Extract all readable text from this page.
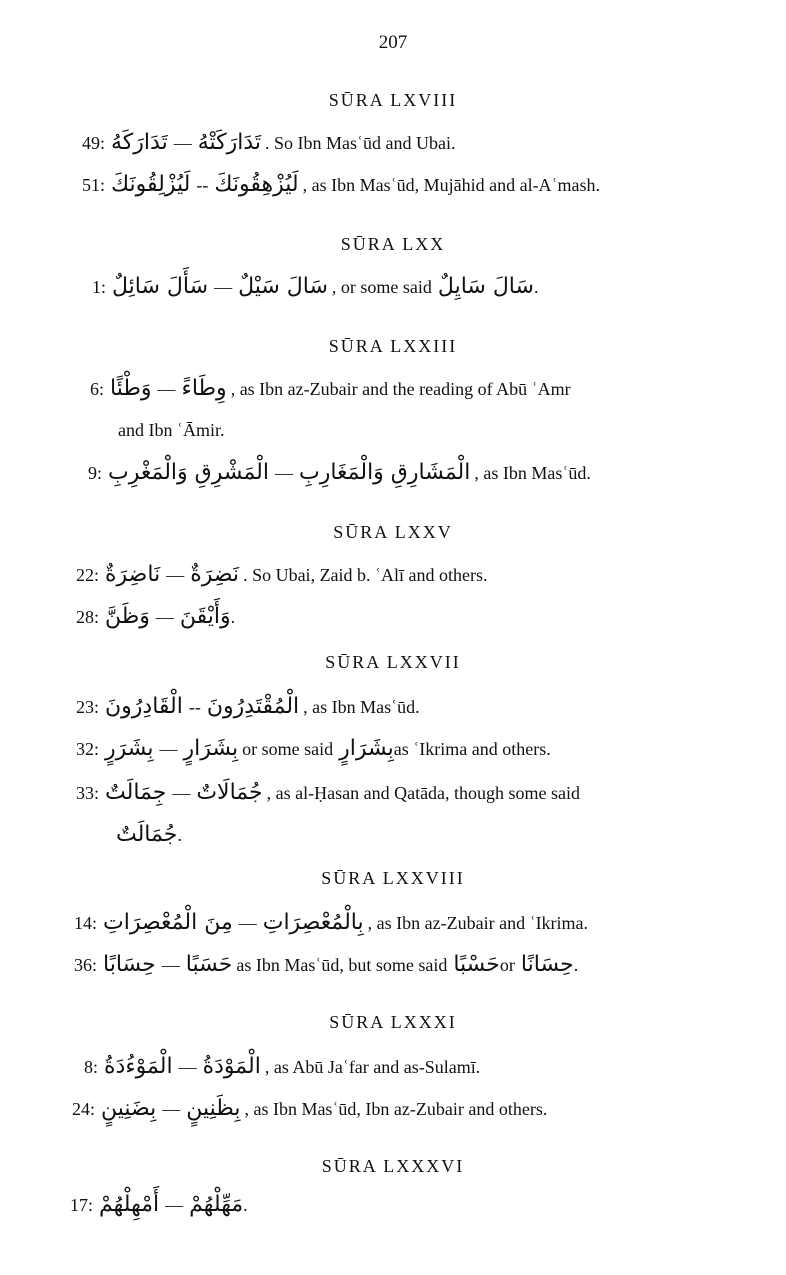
207
SŪRA LXVIII
49: تَدَارَكَهُ — تَدَارَكَتْهُ . So Ibn Masʿūd and Ubai.
51: لَيُزْلِقُونَكَ -- لَيُزْهِقُونَكَ , as Ibn Masʿūd, Mujāhid and al-Aʿmash.
SŪRA LXX
1: سَأَلَ سَائِلٌ — سَالَ سَيْلٌ , or some said سَالَ سَايِلٌ .
SŪRA LXXIII
6: وَطْئًا — وِطَاءً , as Ibn az-Zubair and the reading of Abū ʿAmr
and Ibn ʿĀmir.
9: الْمَشْرِقِ وَالْمَغْرِبِ — الْمَشَارِقِ وَالْمَغَارِبِ , as Ibn Masʿūd.
SŪRA LXXV
22: نَاضِرَةٌ — نَضِرَةٌ . So Ubai, Zaid b. ʿAlī and others.
28: وَظَنَّ — وَأَيْقَنَ .
SŪRA LXXVII
23: الْقَادِرُونَ -- الْمُقْتَدِرُونَ , as Ibn Masʿūd.
32: بِشَرَرٍ — بِشَرَارٍ or some said بِشَرَارٍ as ʿIkrima and others.
33: جِمَالَتٌ — جُمَالَاتٌ , as al-Ḥasan and Qatāda, though some said
جُمَالَتٌ .
SŪRA LXXVIII
14: مِنَ الْمُعْصِرَاتِ — بِالْمُعْصِرَاتِ , as Ibn az-Zubair and ʿIkrima.
36: حِسَابًا — حَسَبًا as Ibn Masʿūd, but some said حَسْبًا or حِسَانًا .
SŪRA LXXXI
8: الْمَوْءُدَةُ — الْمَوْدَةُ , as Abū Jaʿfar and as-Sulamī.
24: بِضَنِينٍ — بِظَنِينٍ , as Ibn Masʿūd, Ibn az-Zubair and others.
SŪRA LXXXVI
17: أَمْهِلْهُمْ — مَهِّلْهُمْ .
